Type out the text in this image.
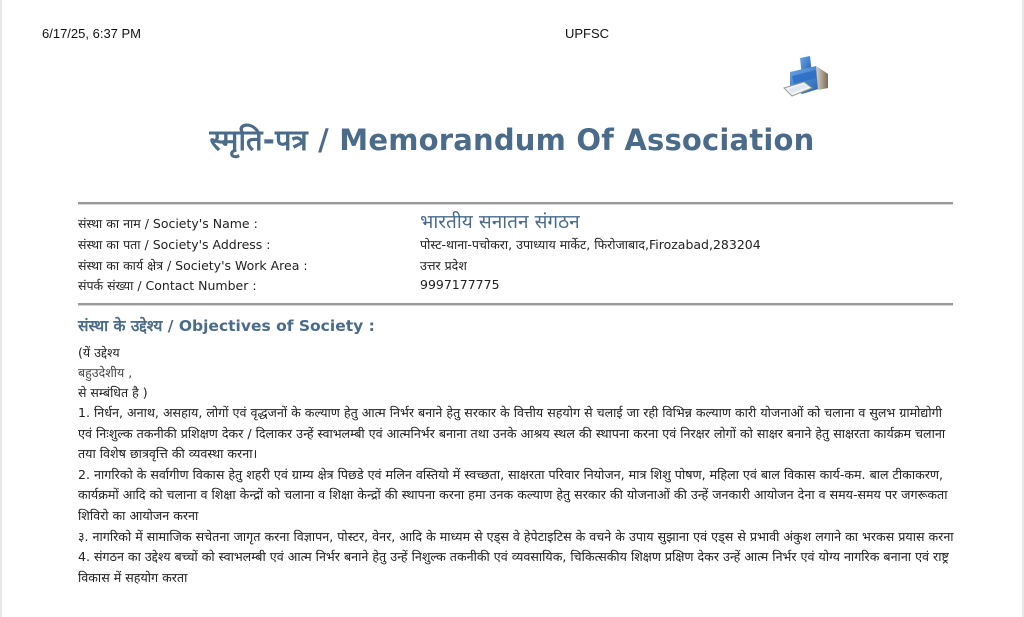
6/17/25, 6:37 PM	UPFSC
स्मृति-पत्र / Memorandum Of Association
संस्था का नाम / Society's Name :	भारतीय सनातन संगठन
संस्था का पता / Society's Address :	पोस्ट-थाना-पचोकरा, उपाध्याय मार्केट, फिरोजाबाद,Firozabad,283204
संस्था का कार्य क्षेत्र / Society's Work Area :	उत्तर प्रदेश
संपर्क संख्या / Contact Number :	9997177775
संस्था के उद्देश्य / Objectives of Society :
(यें उद्देश्य
बहुउदेशीय ,
से सम्बंधित है )
1. निर्धन, अनाथ, असहाय, लोगों एवं वृद्धजनों के कल्याण हेतु आत्म निर्भर बनाने हेतु सरकार के वित्तीय सहयोग से चलाई जा रही विभिन्न कल्याण कारी योजनाओं को चलाना व सुलभ ग्रामोद्योगी एवं निःशुल्क तकनीकी प्रशिक्षण देकर / दिलाकर उन्हें स्वाभलम्बी एवं आत्मनिर्भर बनाना तथा उनके आश्रय स्थल की स्थापना करना एवं निरक्षर लोगों को साक्षर बनाने हेतु साक्षरता कार्यक्रम चलाना तया विशेष छात्रवृत्ति की व्यवस्था करना।
2. नागरिको के सर्वागीण विकास हेतु शहरी एवं ग्राम्य क्षेत्र पिछडे एवं मलिन वस्तियो में स्वच्छता, साक्षरता परिवार नियोजन, मात्र शिशु पोषण, महिला एवं बाल विकास कार्य-कम. बाल टीकाकरण, कार्यक्रमों आदि को चलाना व शिक्षा केन्द्रों को चलाना व शिक्षा केन्द्रों की स्थापना करना हमा उनक कल्याण हेतु सरकार की योजनाओं की उन्हें जनकारी आयोजन देना व समय-समय पर जगरूकता शिविरो का आयोजन करना
३. नागरिको में सामाजिक सचेतना जागृत करना विज्ञापन, पोस्टर, वेनर, आदि के माध्यम से एड्स वे हेपेटाइटिस के वचने के उपाय सुझाना एवं एड्स से प्रभावी अंकुश लगाने का भरकस प्रयास करना
4. संगठन का उद्देश्य बच्चों को स्वाभलम्बी एवं आत्म निर्भर बनाने हेतु उन्हें निशुल्क तकनीकी एवं व्यवसायिक, चिकित्सकीय शिक्षण प्रक्षिण देकर उन्हें आत्म निर्भर एवं योग्य नागरिक बनाना एवं राष्ट्र विकास में सहयोग करता
